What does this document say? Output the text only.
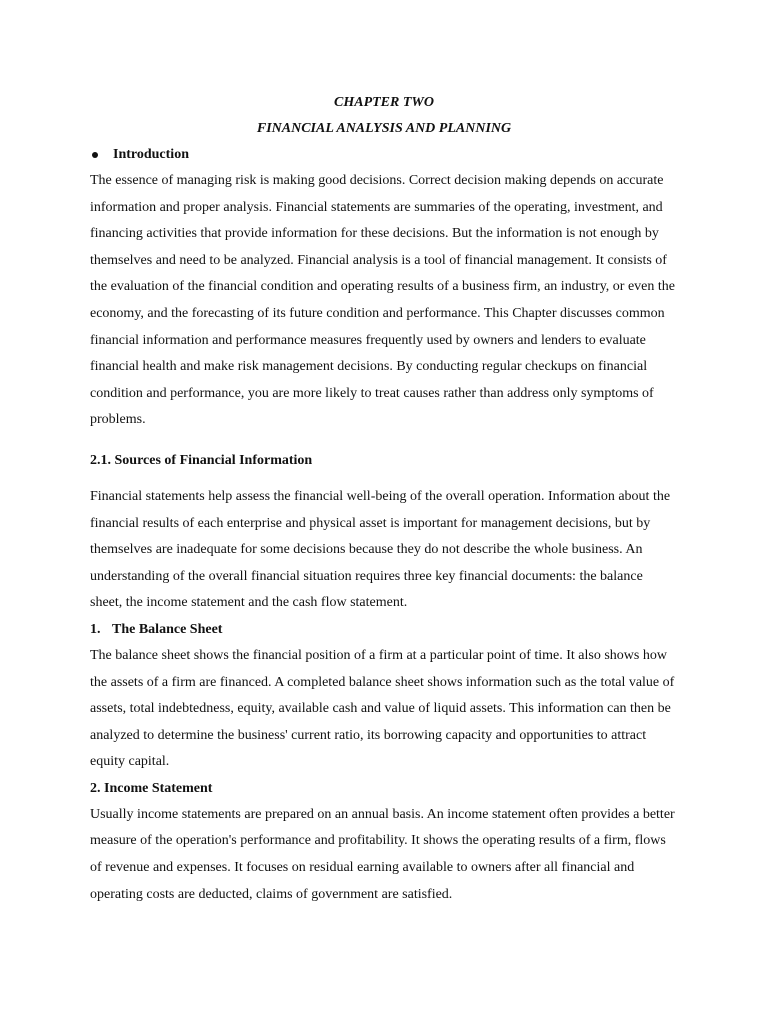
CHAPTER TWO

FINANCIAL ANALYSIS AND PLANNING

Introduction

The essence of managing risk is making good decisions. Correct decision making depends on accurate information and proper analysis. Financial statements are summaries of the operating, investment, and financing activities that provide information for these decisions. But the information is not enough by themselves and need to be analyzed. Financial analysis is a tool of financial management. It consists of the evaluation of the financial condition and operating results of a business firm, an industry, or even the economy, and the forecasting of its future condition and performance. This Chapter discusses common financial information and performance measures frequently used by owners and lenders to evaluate financial health and make risk management decisions. By conducting regular checkups on financial condition and performance, you are more likely to treat causes rather than address only symptoms of problems.

2.1. Sources of Financial Information

Financial statements help assess the financial well-being of the overall operation. Information about the financial results of each enterprise and physical asset is important for management decisions, but by themselves are inadequate for some decisions because they do not describe the whole business. An understanding of the overall financial situation requires three key financial documents: the balance sheet, the income statement and the cash flow statement.

1. The Balance Sheet

The balance sheet shows the financial position of a firm at a particular point of time. It also shows how the assets of a firm are financed. A completed balance sheet shows information such as the total value of assets, total indebtedness, equity, available cash and value of liquid assets. This information can then be analyzed to determine the business' current ratio, its borrowing capacity and opportunities to attract equity capital.

2. Income Statement

Usually income statements are prepared on an annual basis. An income statement often provides a better measure of the operation's performance and profitability. It shows the operating results of a firm, flows of revenue and expenses. It focuses on residual earning available to owners after all financial and operating costs are deducted, claims of government are satisfied.
